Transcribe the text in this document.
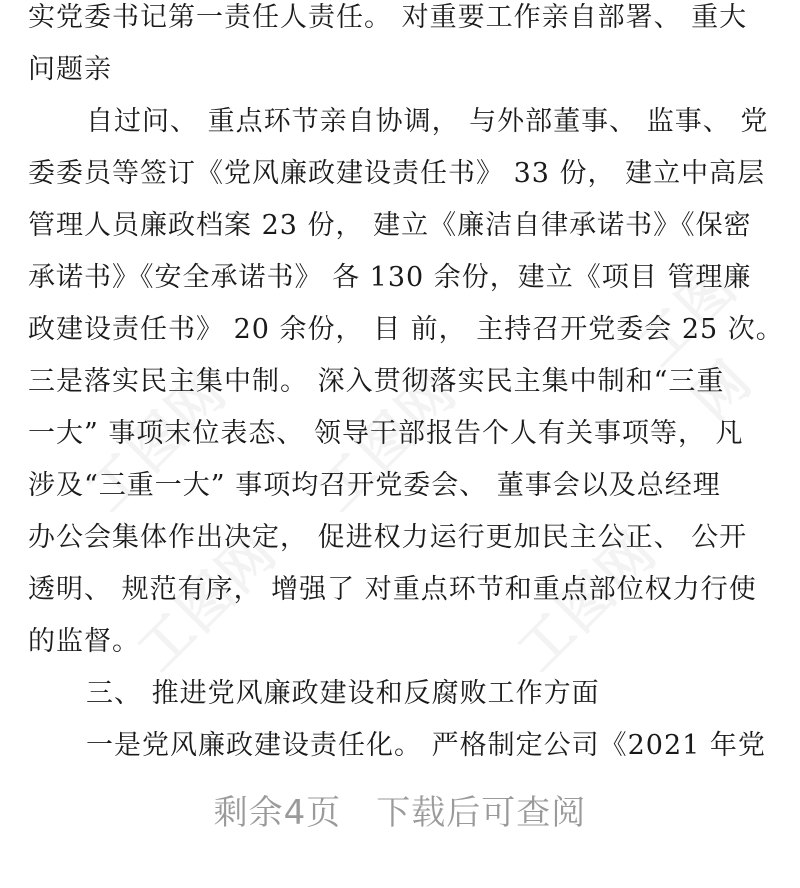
工图网 工图网
工图网
工图网
工图网
实党委书记第一责任人责任。 对重要工作亲自部署、 重大
问题亲
自过问、 重点环节亲自协调， 与外部董事、 监事、 党
委委员等签订《党风廉政建设责任书》 33 份， 建立中高层
管理人员廉政档案 23 份， 建立《廉洁自律承诺书》《保密
承诺书》《安全承诺书》 各 130 余份，建立《项目 管理廉
政建设责任书》 20 余份， 目 前， 主持召开党委会 25 次。
三是落实民主集中制。 深入贯彻落实民主集中制和“三重
一大” 事项末位表态、 领导干部报告个人有关事项等， 凡
涉及“三重一大” 事项均召开党委会、 董事会以及总经理
办公会集体作出决定， 促进权力运行更加民主公正、 公开
透明、 规范有序， 增强了 对重点环节和重点部位权力行使
的监督。
三、 推进党风廉政建设和反腐败工作方面
一是党风廉政建设责任化。 严格制定公司《2021 年党
剩余4页　下载后可查阅
